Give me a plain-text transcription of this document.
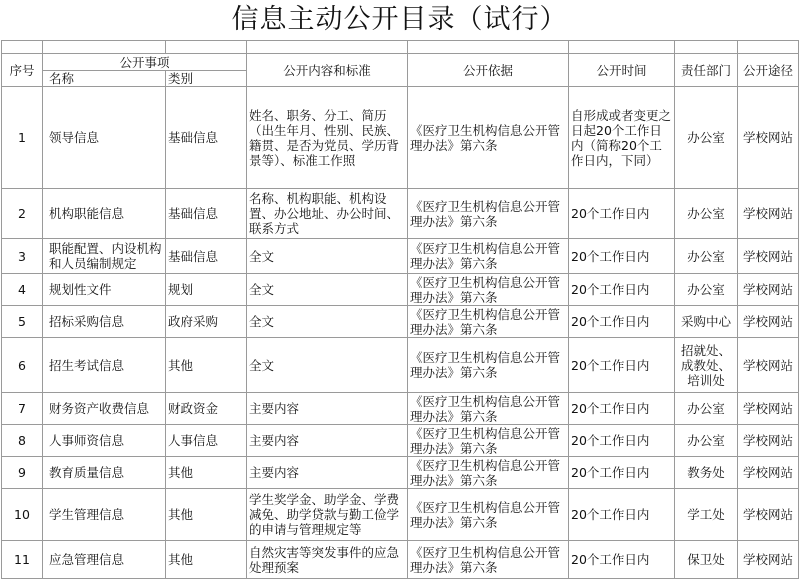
信息主动公开目录（试行）

序号	公开事项		公开内容和标准	公开依据	公开时间	责任部门	公开途径
	名称	类别					
1	领导信息	基础信息	姓名、职务、分工、简历（出生年月、性别、民族、籍贯、是否为党员、学历背景等）、标准工作照	《医疗卫生机构信息公开管理办法》第六条	自形成或者变更之日起20个工作日内（简称20个工作日内，下同）	办公室	学校网站
2	机构职能信息	基础信息	名称、机构职能、机构设置、办公地址、办公时间、联系方式	《医疗卫生机构信息公开管理办法》第六条	20个工作日内	办公室	学校网站
3	职能配置、内设机构和人员编制规定	基础信息	全文	《医疗卫生机构信息公开管理办法》第六条	20个工作日内	办公室	学校网站
4	规划性文件	规划	全文	《医疗卫生机构信息公开管理办法》第六条	20个工作日内	办公室	学校网站
5	招标采购信息	政府采购	全文	《医疗卫生机构信息公开管理办法》第六条	20个工作日内	采购中心	学校网站
6	招生考试信息	其他	全文	《医疗卫生机构信息公开管理办法》第六条	20个工作日内	招就处、成教处、培训处	学校网站
7	财务资产收费信息	财政资金	主要内容	《医疗卫生机构信息公开管理办法》第六条	20个工作日内	办公室	学校网站
8	人事师资信息	人事信息	主要内容	《医疗卫生机构信息公开管理办法》第六条	20个工作日内	办公室	学校网站
9	教育质量信息	其他	主要内容	《医疗卫生机构信息公开管理办法》第六条	20个工作日内	教务处	学校网站
10	学生管理信息	其他	学生奖学金、助学金、学费减免、助学贷款与勤工俭学的申请与管理规定等	《医疗卫生机构信息公开管理办法》第六条	20个工作日内	学工处	学校网站
11	应急管理信息	其他	自然灾害等突发事件的应急处理预案	《医疗卫生机构信息公开管理办法》第六条	20个工作日内	保卫处	学校网站
